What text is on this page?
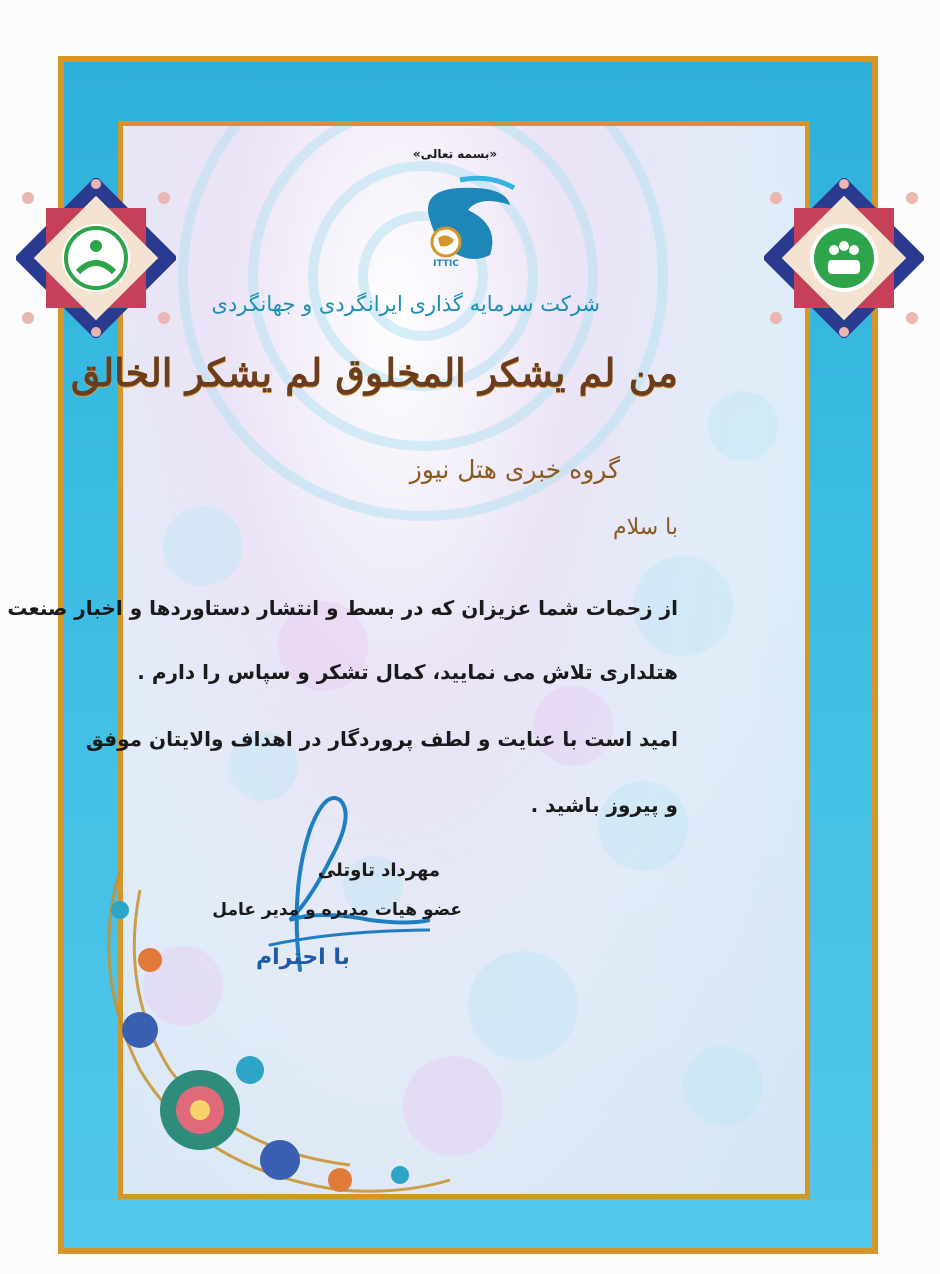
«بسمه تعالی»
ITTIC
شرکت سرمایه گذاری ایرانگردی و جهانگردی
من لم یشکر المخلوق لم یشکر الخالق
گروه خبری هتل نیوز
با سلام
از زحمات شما عزیزان که در بسط و انتشار دستاوردها و اخبار صنعت
هتلداری تلاش می نمایید، کمال تشکر و سپاس را دارم .
امید است با عنایت و لطف پروردگار در اهداف والایتان موفق
و پیروز باشید .
مهرداد تاوتلی
عضو هیات مدیره و مدیر عامل
با احترام
